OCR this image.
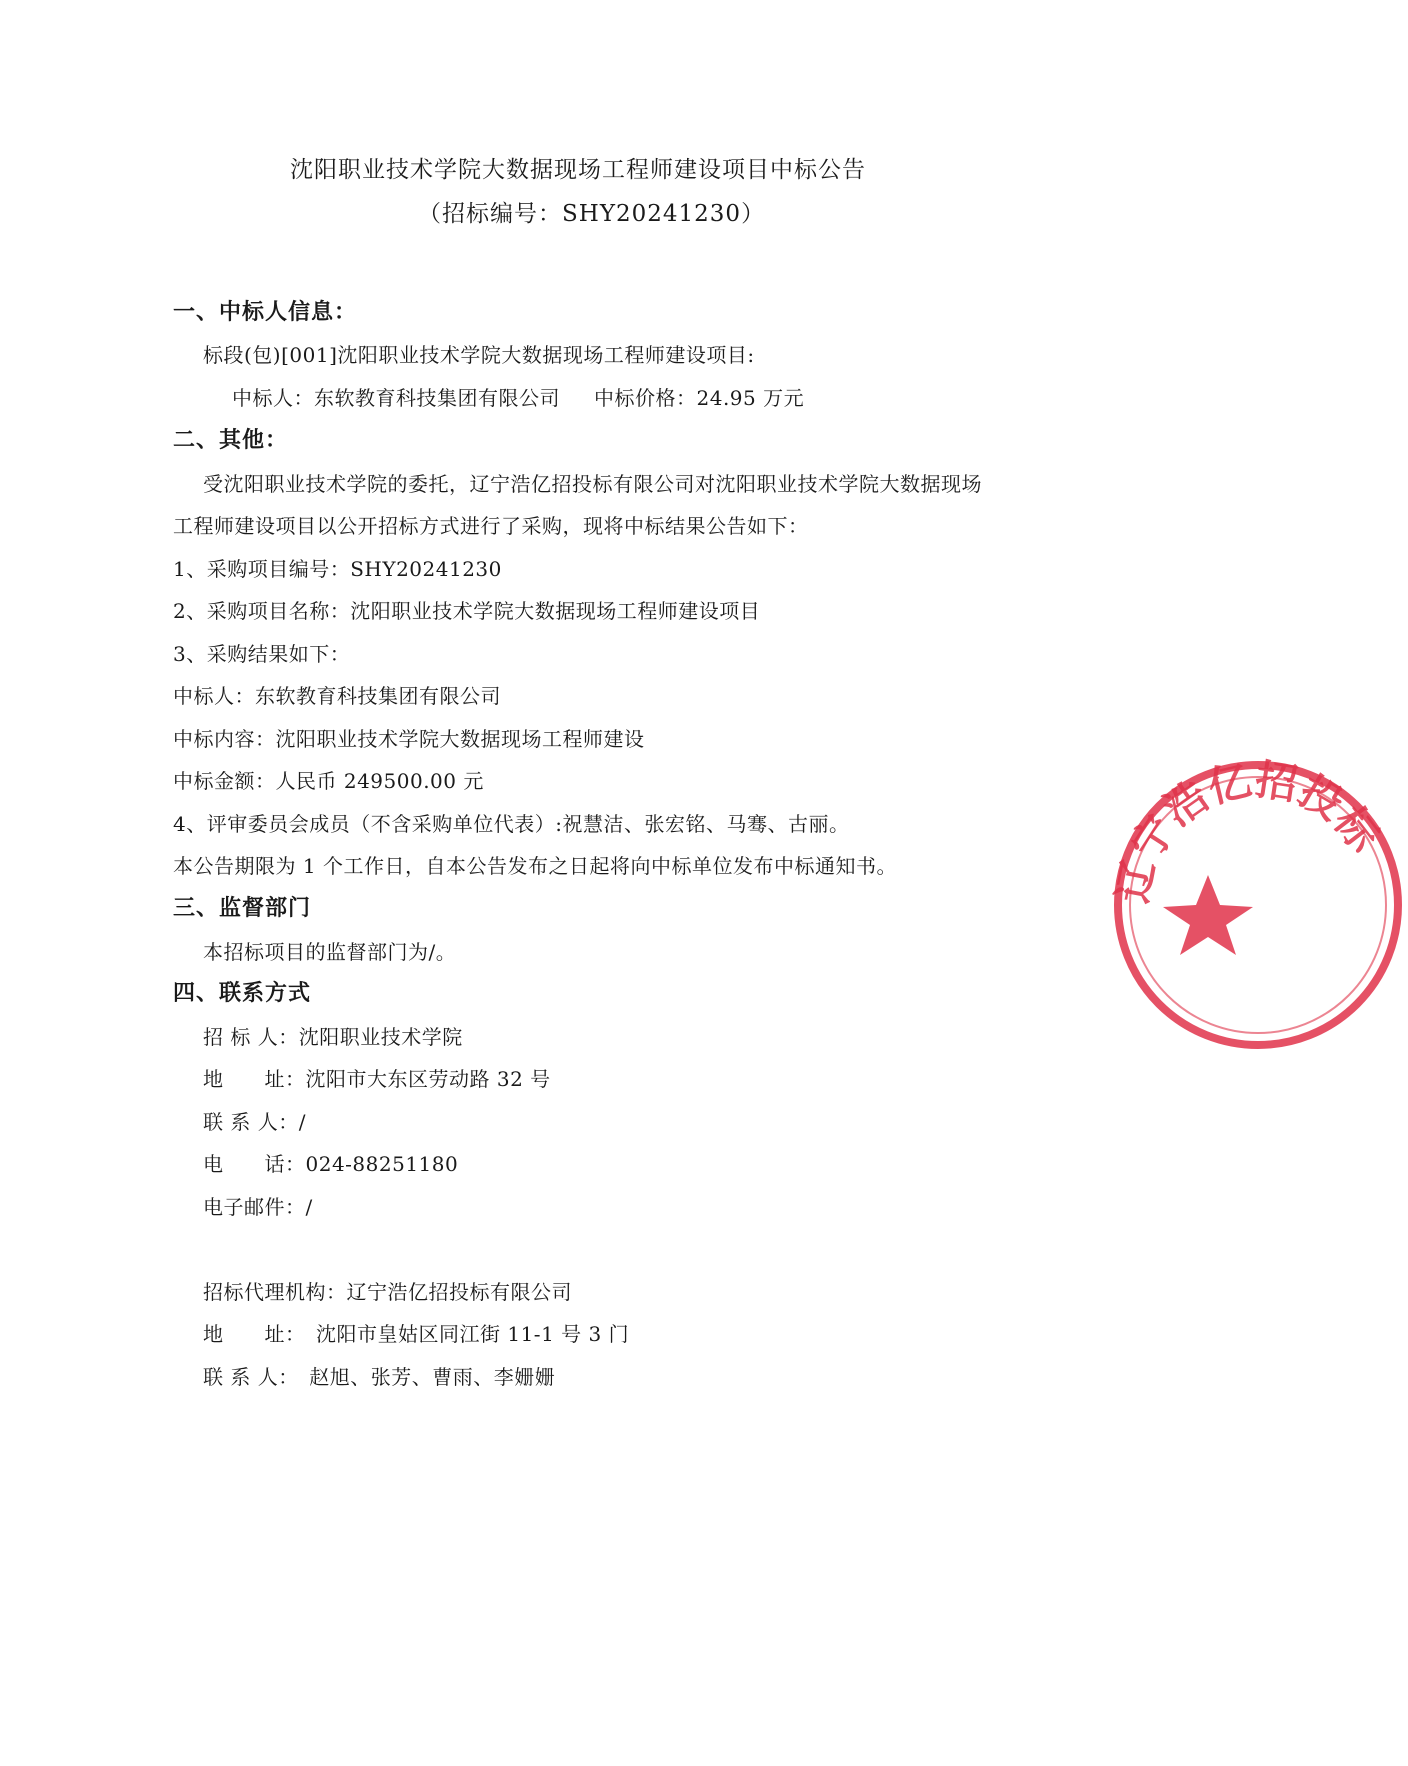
沈阳职业技术学院大数据现场工程师建设项目中标公告
（招标编号：SHY20241230）
一、中标人信息：
标段(包)[001]沈阳职业技术学院大数据现场工程师建设项目:
中标人：东软教育科技集团有限公司 中标价格：24.95 万元
二、其他：
受沈阳职业技术学院的委托，辽宁浩亿招投标有限公司对沈阳职业技术学院大数据现场
工程师建设项目以公开招标方式进行了采购，现将中标结果公告如下：
1、采购项目编号：SHY20241230
2、采购项目名称：沈阳职业技术学院大数据现场工程师建设项目
3、采购结果如下：
中标人：东软教育科技集团有限公司
中标内容：沈阳职业技术学院大数据现场工程师建设
中标金额：人民币 249500.00 元
4、评审委员会成员（不含采购单位代表）:祝慧洁、张宏铭、马骞、古丽。
本公告期限为 1 个工作日，自本公告发布之日起将向中标单位发布中标通知书。
三、监督部门
本招标项目的监督部门为/。
四、联系方式
招 标 人：沈阳职业技术学院
地　　址：沈阳市大东区劳动路 32 号
联 系 人：/
电　　话：024-88251180
电子邮件：/
招标代理机构：辽宁浩亿招投标有限公司
地　　址：　沈阳市皇姑区同江街 11-1 号 3 门
联 系 人：　赵旭、张芳、曹雨、李姗姗
辽宁浩亿招投标
